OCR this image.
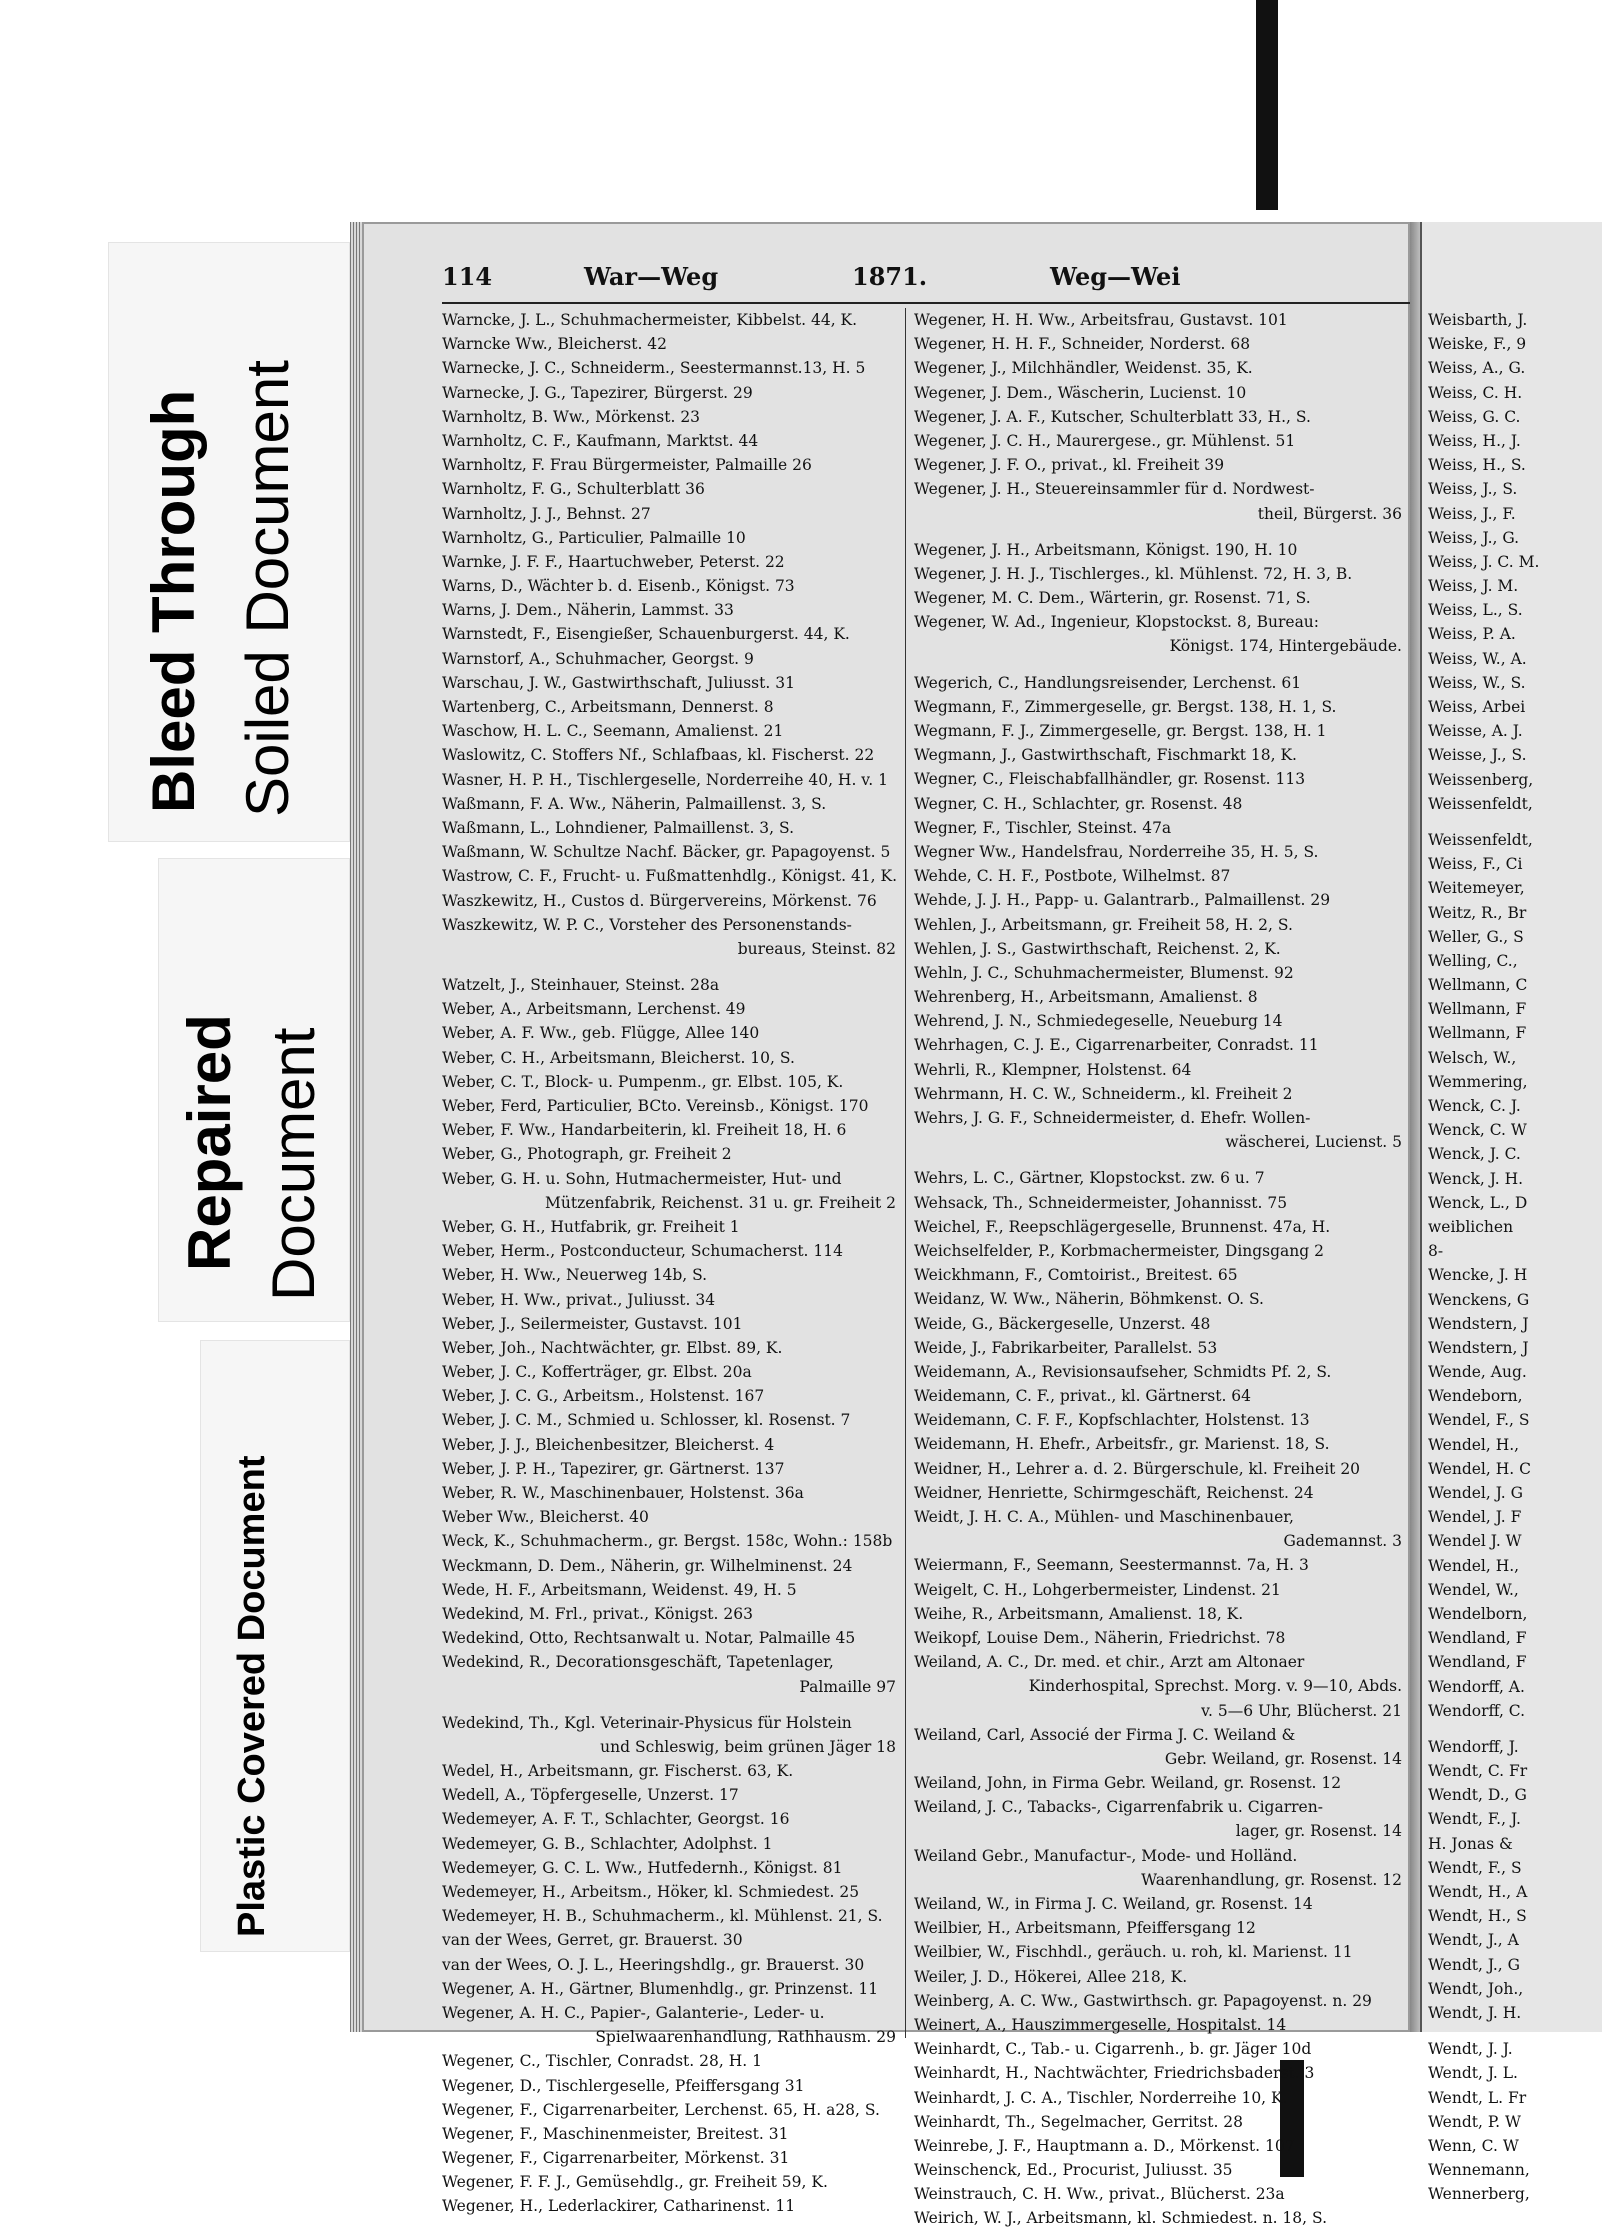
Bleed Through Soiled Document
Repaired Document
Plastic Covered Document
114	War—Weg	1871.	Weg—Wei
Warncke, J. L., Schuhmachermeister, Kibbelst. 44, K.
Warncke Ww., Bleicherst. 42
Warnecke, J. C., Schneiderm., Seestermannst.13, H. 5
Warnecke, J. G., Tapezirer, Bürgerst. 29
Warnholtz, B. Ww., Mörkenst. 23
Warnholtz, C. F., Kaufmann, Marktst. 44
Warnholtz, F. Frau Bürgermeister, Palmaille 26
Warnholtz, F. G., Schulterblatt 36
Warnholtz, J. J., Behnst. 27
Warnholtz, G., Particulier, Palmaille 10
Warnke, J. F. F., Haartuchweber, Peterst. 22
Warns, D., Wächter b. d. Eisenb., Königst. 73
Warns, J. Dem., Näherin, Lammst. 33
Warnstedt, F., Eisengießer, Schauenburgerst. 44, K.
Warnstorf, A., Schuhmacher, Georgst. 9
Warschau, J. W., Gastwirthschaft, Juliusst. 31
Wartenberg, C., Arbeitsmann, Dennerst. 8
Waschow, H. L. C., Seemann, Amalienst. 21
Waslowitz, C. Stoffers Nf., Schlafbaas, kl. Fischerst. 22
Wasner, H. P. H., Tischlergeselle, Norderreihe 40, H. v. 1
Waßmann, F. A. Ww., Näherin, Palmaillenst. 3, S.
Waßmann, L., Lohndiener, Palmaillenst. 3, S.
Waßmann, W. Schultze Nachf. Bäcker, gr. Papagoyenst. 5
Wastrow, C. F., Frucht- u. Fußmattenhdlg., Königst. 41, K.
Waszkewitz, H., Custos d. Bürgervereins, Mörkenst. 76
Waszkewitz, W. P. C., Vorsteher des Personenstands-
bureaus, Steinst. 82
Watzelt, J., Steinhauer, Steinst. 28a
Weber, A., Arbeitsmann, Lerchenst. 49
Weber, A. F. Ww., geb. Flügge, Allee 140
Weber, C. H., Arbeitsmann, Bleicherst. 10, S.
Weber, C. T., Block- u. Pumpenm., gr. Elbst. 105, K.
Weber, Ferd, Particulier, BCto. Vereinsb., Königst. 170
Weber, F. Ww., Handarbeiterin, kl. Freiheit 18, H. 6
Weber, G., Photograph, gr. Freiheit 2
Weber, G. H. u. Sohn, Hutmachermeister, Hut- und
Mützenfabrik, Reichenst. 31 u. gr. Freiheit 2
Weber, G. H., Hutfabrik, gr. Freiheit 1
Weber, Herm., Postconducteur, Schumacherst. 114
Weber, H. Ww., Neuerweg 14b, S.
Weber, H. Ww., privat., Juliusst. 34
Weber, J., Seilermeister, Gustavst. 101
Weber, Joh., Nachtwächter, gr. Elbst. 89, K.
Weber, J. C., Kofferträger, gr. Elbst. 20a
Weber, J. C. G., Arbeitsm., Holstenst. 167
Weber, J. C. M., Schmied u. Schlosser, kl. Rosenst. 7
Weber, J. J., Bleichenbesitzer, Bleicherst. 4
Weber, J. P. H., Tapezirer, gr. Gärtnerst. 137
Weber, R. W., Maschinenbauer, Holstenst. 36a
Weber Ww., Bleicherst. 40
Weck, K., Schuhmacherm., gr. Bergst. 158c, Wohn.: 158b
Weckmann, D. Dem., Näherin, gr. Wilhelminenst. 24
Wede, H. F., Arbeitsmann, Weidenst. 49, H. 5
Wedekind, M. Frl., privat., Königst. 263
Wedekind, Otto, Rechtsanwalt u. Notar, Palmaille 45
Wedekind, R., Decorationsgeschäft, Tapetenlager,
Palmaille 97
Wedekind, Th., Kgl. Veterinair-Physicus für Holstein
und Schleswig, beim grünen Jäger 18
Wedel, H., Arbeitsmann, gr. Fischerst. 63, K.
Wedell, A., Töpfergeselle, Unzerst. 17
Wedemeyer, A. F. T., Schlachter, Georgst. 16
Wedemeyer, G. B., Schlachter, Adolphst. 1
Wedemeyer, G. C. L. Ww., Hutfedernh., Königst. 81
Wedemeyer, H., Arbeitsm., Höker, kl. Schmiedest. 25
Wedemeyer, H. B., Schuhmacherm., kl. Mühlenst. 21, S.
van der Wees, Gerret, gr. Brauerst. 30
van der Wees, O. J. L., Heeringshdlg., gr. Brauerst. 30
Wegener, A. H., Gärtner, Blumenhdlg., gr. Prinzenst. 11
Wegener, A. H. C., Papier-, Galanterie-, Leder- u.
Spielwaarenhandlung, Rathhausm. 29
Wegener, C., Tischler, Conradst. 28, H. 1
Wegener, D., Tischlergeselle, Pfeiffersgang 31
Wegener, F., Cigarrenarbeiter, Lerchenst. 65, H. a28, S.
Wegener, F., Maschinenmeister, Breitest. 31
Wegener, F., Cigarrenarbeiter, Mörkenst. 31
Wegener, F. F. J., Gemüsehdlg., gr. Freiheit 59, K.
Wegener, H., Lederlackirer, Catharinenst. 11
Wegener, H. H. Ww., Arbeitsfrau, Gustavst. 101
Wegener, H. H. F., Schneider, Norderst. 68
Wegener, J., Milchhändler, Weidenst. 35, K.
Wegener, J. Dem., Wäscherin, Lucienst. 10
Wegener, J. A. F., Kutscher, Schulterblatt 33, H., S.
Wegener, J. C. H., Maurergese., gr. Mühlenst. 51
Wegener, J. F. O., privat., kl. Freiheit 39
Wegener, J. H., Steuereinsammler für d. Nordwest-
theil, Bürgerst. 36
Wegener, J. H., Arbeitsmann, Königst. 190, H. 10
Wegener, J. H. J., Tischlerges., kl. Mühlenst. 72, H. 3, B.
Wegener, M. C. Dem., Wärterin, gr. Rosenst. 71, S.
Wegener, W. Ad., Ingenieur, Klopstockst. 8, Bureau:
Königst. 174, Hintergebäude.
Wegerich, C., Handlungsreisender, Lerchenst. 61
Wegmann, F., Zimmergeselle, gr. Bergst. 138, H. 1, S.
Wegmann, F. J., Zimmergeselle, gr. Bergst. 138, H. 1
Wegmann, J., Gastwirthschaft, Fischmarkt 18, K.
Wegner, C., Fleischabfallhändler, gr. Rosenst. 113
Wegner, C. H., Schlachter, gr. Rosenst. 48
Wegner, F., Tischler, Steinst. 47a
Wegner Ww., Handelsfrau, Norderreihe 35, H. 5, S.
Wehde, C. H. F., Postbote, Wilhelmst. 87
Wehde, J. J. H., Papp- u. Galantrarb., Palmaillenst. 29
Wehlen, J., Arbeitsmann, gr. Freiheit 58, H. 2, S.
Wehlen, J. S., Gastwirthschaft, Reichenst. 2, K.
Wehln, J. C., Schuhmachermeister, Blumenst. 92
Wehrenberg, H., Arbeitsmann, Amalienst. 8
Wehrend, J. N., Schmiedegeselle, Neueburg 14
Wehrhagen, C. J. E., Cigarrenarbeiter, Conradst. 11
Wehrli, R., Klempner, Holstenst. 64
Wehrmann, H. C. W., Schneiderm., kl. Freiheit 2
Wehrs, J. G. F., Schneidermeister, d. Ehefr. Wollen-
wäscherei, Lucienst. 5
Wehrs, L. C., Gärtner, Klopstockst. zw. 6 u. 7
Wehsack, Th., Schneidermeister, Johannisst. 75
Weichel, F., Reepschlägergeselle, Brunnenst. 47a, H.
Weichselfelder, P., Korbmachermeister, Dingsgang 2
Weickhmann, F., Comtoirist., Breitest. 65
Weidanz, W. Ww., Näherin, Böhmkenst. O. S.
Weide, G., Bäckergeselle, Unzerst. 48
Weide, J., Fabrikarbeiter, Parallelst. 53
Weidemann, A., Revisionsaufseher, Schmidts Pf. 2, S.
Weidemann, C. F., privat., kl. Gärtnerst. 64
Weidemann, C. F. F., Kopfschlachter, Holstenst. 13
Weidemann, H. Ehefr., Arbeitsfr., gr. Marienst. 18, S.
Weidner, H., Lehrer a. d. 2. Bürgerschule, kl. Freiheit 20
Weidner, Henriette, Schirmgeschäft, Reichenst. 24
Weidt, J. H. C. A., Mühlen- und Maschinenbauer,
Gademannst. 3
Weiermann, F., Seemann, Seestermannst. 7a, H. 3
Weigelt, C. H., Lohgerbermeister, Lindenst. 21
Weihe, R., Arbeitsmann, Amalienst. 18, K.
Weikopf, Louise Dem., Näherin, Friedrichst. 78
Weiland, A. C., Dr. med. et chir., Arzt am Altonaer
Kinderhospital, Sprechst. Morg. v. 9—10, Abds.
v. 5—6 Uhr, Blücherst. 21
Weiland, Carl, Associé der Firma J. C. Weiland &
Gebr. Weiland, gr. Rosenst. 14
Weiland, John, in Firma Gebr. Weiland, gr. Rosenst. 12
Weiland, J. C., Tabacks-, Cigarrenfabrik u. Cigarren-
lager, gr. Rosenst. 14
Weiland Gebr., Manufactur-, Mode- und Holländ.
Waarenhandlung, gr. Rosenst. 12
Weiland, W., in Firma J. C. Weiland, gr. Rosenst. 14
Weilbier, H., Arbeitsmann, Pfeiffersgang 12
Weilbier, W., Fischhdl., geräuch. u. roh, kl. Marienst. 11
Weiler, J. D., Hökerei, Allee 218, K.
Weinberg, A. C. Ww., Gastwirthsch. gr. Papagoyenst. n. 29
Weinert, A., Hauszimmergeselle, Hospitalst. 14
Weinhardt, C., Tab.- u. Cigarrenh., b. gr. Jäger 10d
Weinhardt, H., Nachtwächter, Friedrichsbaderst. 3
Weinhardt, J. C. A., Tischler, Norderreihe 10, K.
Weinhardt, Th., Segelmacher, Gerritst. 28
Weinrebe, J. F., Hauptmann a. D., Mörkenst. 107
Weinschenck, Ed., Procurist, Juliusst. 35
Weinstrauch, C. H. Ww., privat., Blücherst. 23a
Weirich, W. J., Arbeitsmann, kl. Schmiedest. n. 18, S.
Weisbarth, J.
Weiske, F., 9
Weiss, A., G.
Weiss, C. H.
Weiss, G. C.
Weiss, H., J.
Weiss, H., S.
Weiss, J., S.
Weiss, J., F.
Weiss, J., G.
Weiss, J. C. M.
Weiss, J. M.
Weiss, L., S.
Weiss, P. A.
Weiss, W., A.
Weiss, W., S.
Weiss, Arbei
Weisse, A. J.
Weisse, J., S.
Weissenberg,
Weissenfeldt,
Weissenfeldt,
Weiss, F., Ci
Weitemeyer,
Weitz, R., Br
Weller, G., S
Welling, C.,
Wellmann, C
Wellmann, F
Wellmann, F
Welsch, W.,
Wemmering,
Wenck, C. J.
Wenck, C. W
Wenck, J. C.
Wenck, J. H.
Wenck, L., D
weiblichen
8-
Wencke, J. H
Wenckens, G
Wendstern, J
Wendstern, J
Wende, Aug.
Wendeborn,
Wendel, F., S
Wendel, H.,
Wendel, H. C
Wendel, J. G
Wendel, J. F
Wendel J. W
Wendel, H.,
Wendel, W.,
Wendelborn,
Wendland, F
Wendland, F
Wendorff, A.
Wendorff, C.
Wendorff, J.
Wendt, C. Fr
Wendt, D., G
Wendt, F., J.
H. Jonas &
Wendt, F., S
Wendt, H., A
Wendt, H., S
Wendt, J., A
Wendt, J., G
Wendt, Joh.,
Wendt, J. H.
Wendt, J. J.
Wendt, J. L.
Wendt, L. Fr
Wendt, P. W
Wenn, C. W
Wennemann,
Wennerberg,
